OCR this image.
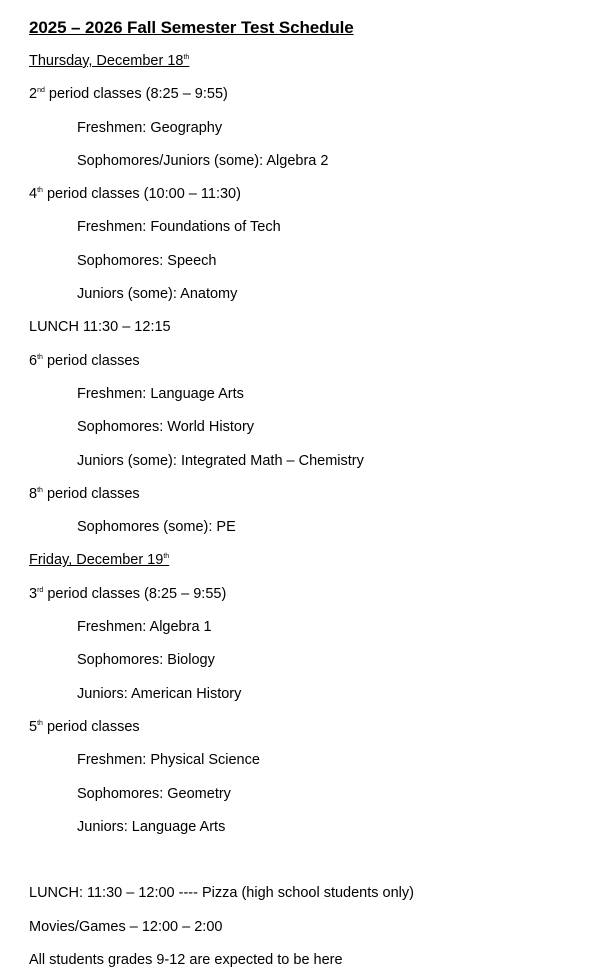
2025 – 2026 Fall Semester Test Schedule
Thursday, December 18th
2nd period classes (8:25 – 9:55)
Freshmen: Geography
Sophomores/Juniors (some): Algebra 2
4th period classes (10:00 – 11:30)
Freshmen: Foundations of Tech
Sophomores: Speech
Juniors (some): Anatomy
LUNCH 11:30 – 12:15
6th period classes
Freshmen: Language Arts
Sophomores: World History
Juniors (some): Integrated Math – Chemistry
8th period classes
Sophomores (some): PE
Friday, December 19th
3rd period classes (8:25 – 9:55)
Freshmen: Algebra 1
Sophomores: Biology
Juniors: American History
5th period classes
Freshmen: Physical Science
Sophomores: Geometry
Juniors: Language Arts
LUNCH: 11:30 – 12:00 ---- Pizza (high school students only)
Movies/Games – 12:00 – 2:00
All students grades 9-12 are expected to be here
